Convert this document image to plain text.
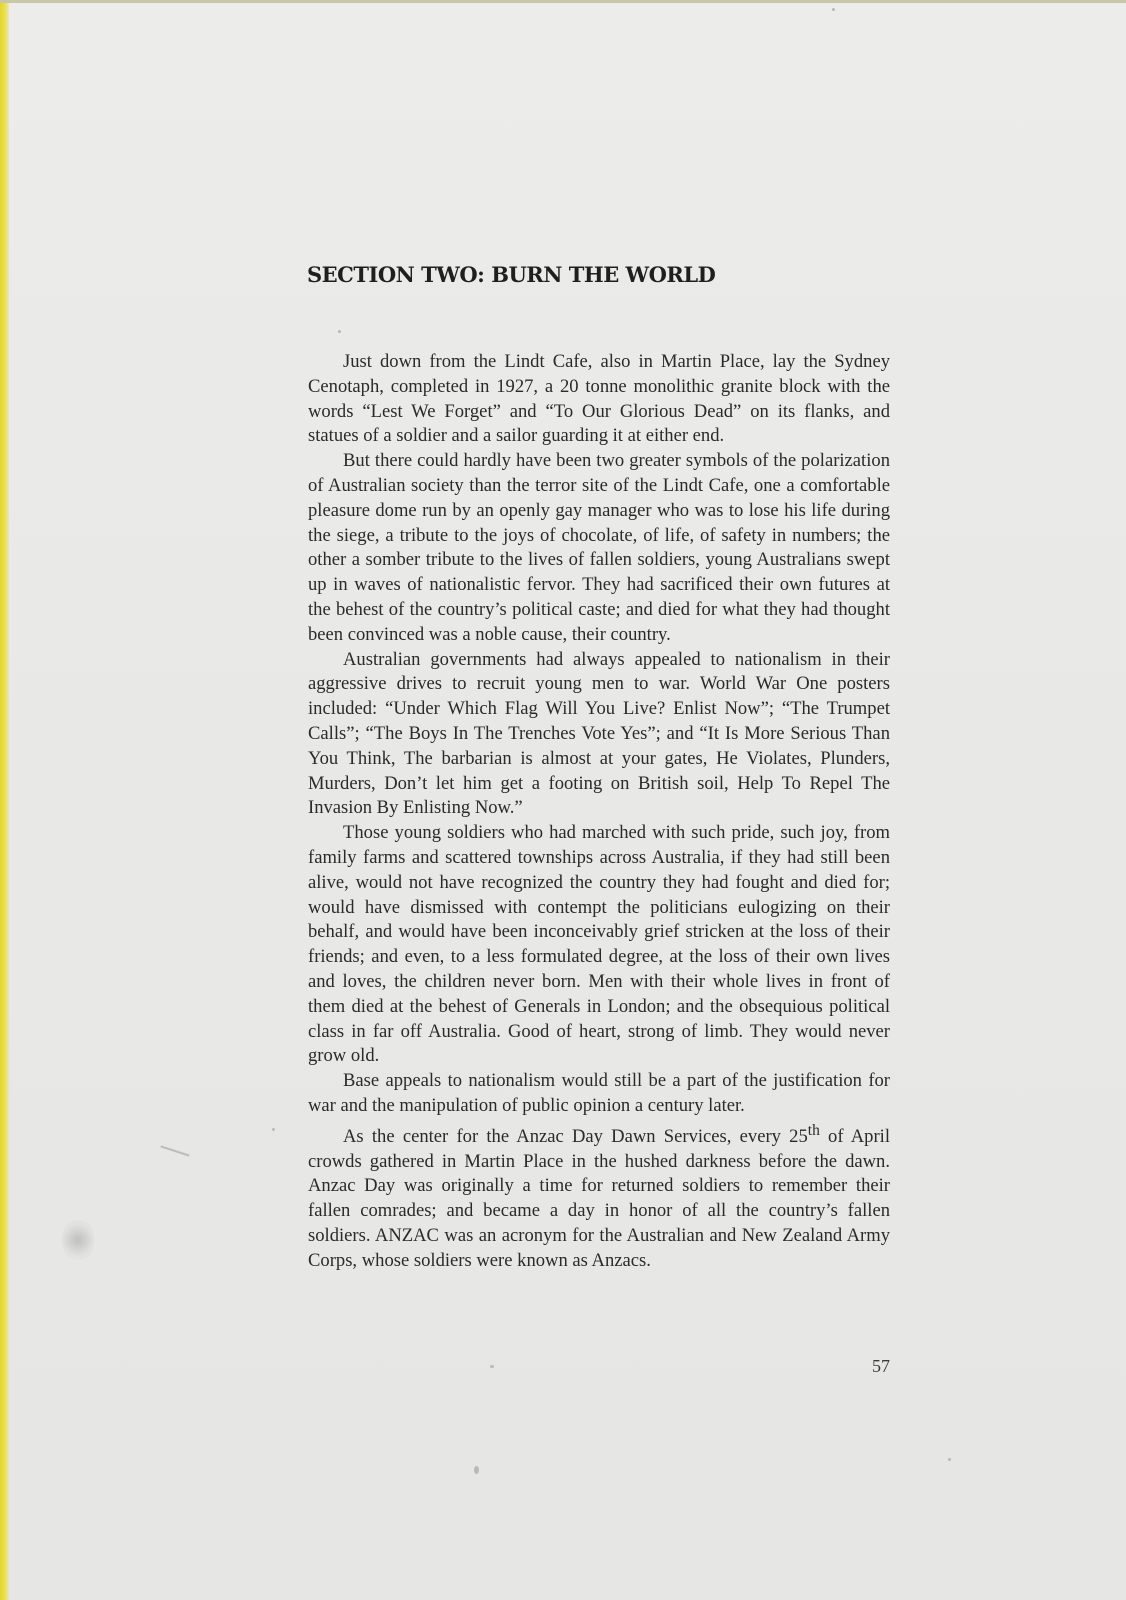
SECTION TWO: BURN THE WORLD

Just down from the Lindt Cafe, also in Martin Place, lay the Sydney Cenotaph, completed in 1927, a 20 tonne monolithic granite block with the words “Lest We Forget” and “To Our Glorious Dead” on its flanks, and statues of a soldier and a sailor guarding it at either end.

But there could hardly have been two greater symbols of the polarization of Australian society than the terror site of the Lindt Cafe, one a comfortable pleasure dome run by an openly gay manager who was to lose his life during the siege, a tribute to the joys of chocolate, of life, of safety in numbers; the other a somber tribute to the lives of fallen soldiers, young Australians swept up in waves of nationalistic fervor. They had sacrificed their own futures at the behest of the country’s political caste; and died for what they had thought been convinced was a noble cause, their country.

Australian governments had always appealed to nationalism in their aggressive drives to recruit young men to war. World War One posters included: “Under Which Flag Will You Live? Enlist Now”; “The Trumpet Calls”; “The Boys In The Trenches Vote Yes”; and “It Is More Serious Than You Think, The barbarian is almost at your gates, He Violates, Plunders, Murders, Don’t let him get a footing on British soil, Help To Repel The Invasion By Enlisting Now.”

Those young soldiers who had marched with such pride, such joy, from family farms and scattered townships across Australia, if they had still been alive, would not have recognized the country they had fought and died for; would have dismissed with contempt the politicians eulogizing on their behalf, and would have been inconceivably grief stricken at the loss of their friends; and even, to a less formulated degree, at the loss of their own lives and loves, the children never born. Men with their whole lives in front of them died at the behest of Generals in London; and the obsequious political class in far off Australia. Good of heart, strong of limb. They would never grow old.

Base appeals to nationalism would still be a part of the justification for war and the manipulation of public opinion a century later.

As the center for the Anzac Day Dawn Services, every 25th of April crowds gathered in Martin Place in the hushed darkness before the dawn. Anzac Day was originally a time for returned soldiers to remember their fallen comrades; and became a day in honor of all the country’s fallen soldiers. ANZAC was an acronym for the Australian and New Zealand Army Corps, whose soldiers were known as Anzacs.

57
